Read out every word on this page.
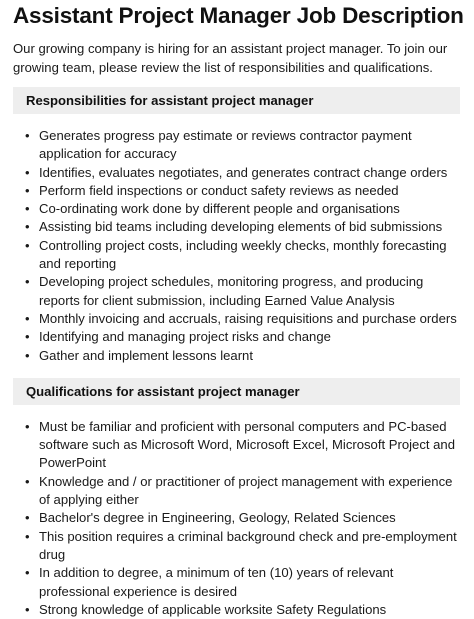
Assistant Project Manager Job Description

Our growing company is hiring for an assistant project manager. To join our growing team, please review the list of responsibilities and qualifications.

Responsibilities for assistant project manager
• Generates progress pay estimate or reviews contractor payment application for accuracy
• Identifies, evaluates negotiates, and generates contract change orders
• Perform field inspections or conduct safety reviews as needed
• Co-ordinating work done by different people and organisations
• Assisting bid teams including developing elements of bid submissions
• Controlling project costs, including weekly checks, monthly forecasting and reporting
• Developing project schedules, monitoring progress, and producing reports for client submission, including Earned Value Analysis
• Monthly invoicing and accruals, raising requisitions and purchase orders
• Identifying and managing project risks and change
• Gather and implement lessons learnt
Qualifications for assistant project manager
• Must be familiar and proficient with personal computers and PC-based software such as Microsoft Word, Microsoft Excel, Microsoft Project and PowerPoint
• Knowledge and / or practitioner of project management with experience of applying either
• Bachelor's degree in Engineering, Geology, Related Sciences
• This position requires a criminal background check and pre-employment drug
• In addition to degree, a minimum of ten (10) years of relevant professional experience is desired
• Strong knowledge of applicable worksite Safety Regulations
